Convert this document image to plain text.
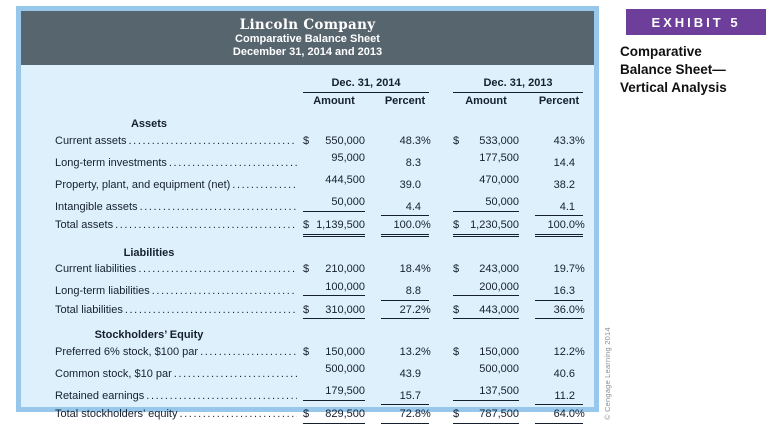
Lincoln Company
Comparative Balance Sheet
December 31, 2014 and 2013
Dec. 31, 2014	Dec. 31, 2013
Amount	Percent	Amount	Percent
Assets
Current assets .....	$ 550,000	48.3% $ 533,000	43.3%
Long-term investments .....	95,000	8.3	177,500	14.4
Property, plant, and equipment (net) .....	444,500	39.0	470,000	38.2
Intangible assets .....	50,000	4.4	50,000	4.1
Total assets .....	$ 1,139,500	100.0% $ 1,230,500	100.0%
Liabilities
Current liabilities .....	$ 210,000	18.4% $ 243,000	19.7%
Long-term liabilities .....	100,000	8.8	200,000	16.3
Total liabilities .....	$ 310,000	27.2% $ 443,000	36.0%
Stockholders’ Equity
Preferred 6% stock, $100 par .....	$ 150,000	13.2% $ 150,000	12.2%
Common stock, $10 par .....	500,000	43.9	500,000	40.6
Retained earnings .....	179,500	15.7	137,500	11.2
Total stockholders’ equity .....	$ 829,500	72.8% $ 787,500	64.0%
EXHIBIT 5
Comparative
Balance Sheet—
Vertical Analysis
© Cengage Learning 2014
